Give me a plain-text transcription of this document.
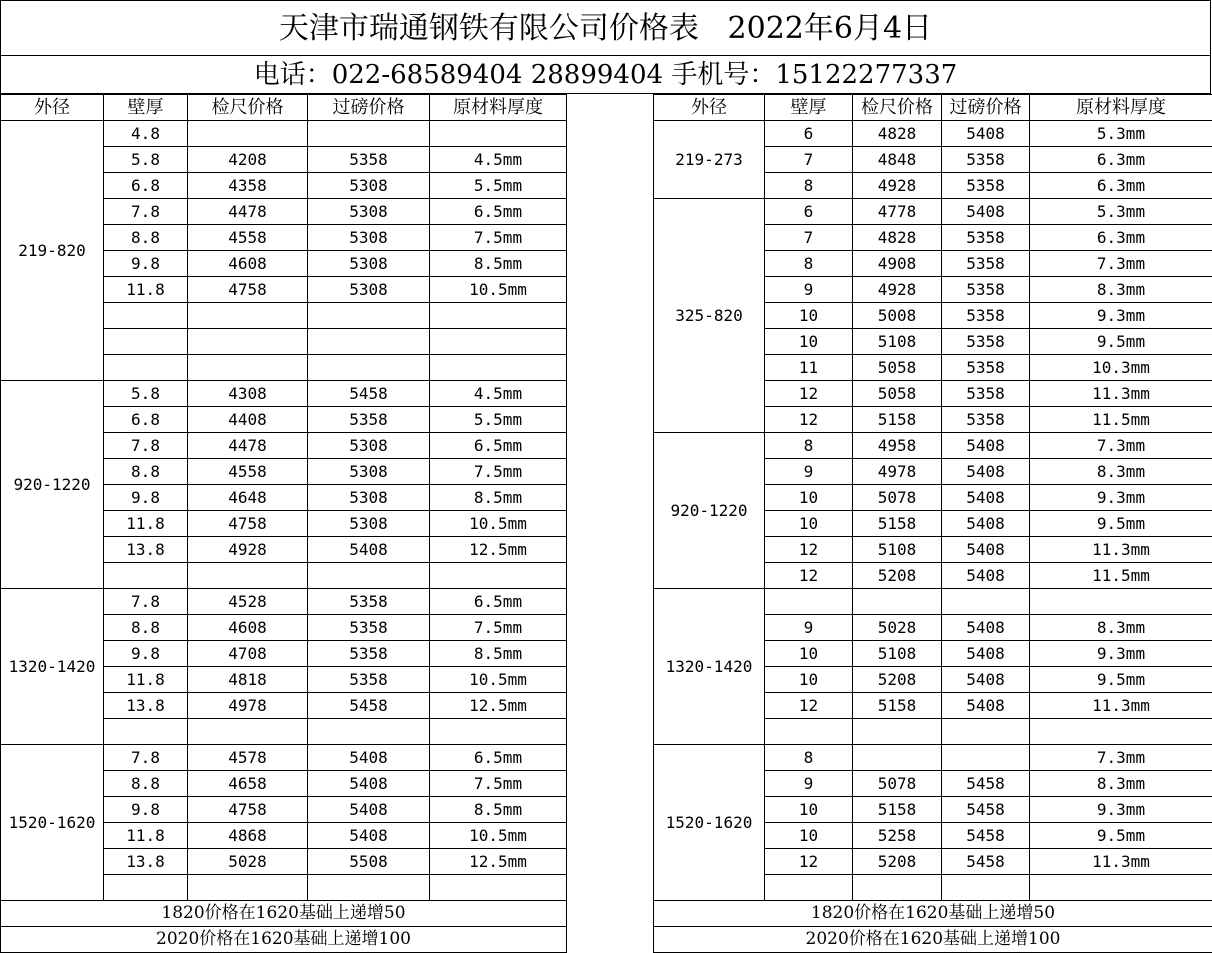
天津市瑞通钢铁有限公司价格表   2022年6月4日
电话：022-68589404 28899404 手机号：15122277337
外径	壁厚	检尺价格	过磅价格	原材料厚度
219-820	4.8			
	5.8	4208	5358	4.5mm
	6.8	4358	5308	5.5mm
	7.8	4478	5308	6.5mm
	8.8	4558	5308	7.5mm
	9.8	4608	5308	8.5mm
	11.8	4758	5308	10.5mm

920-1220	5.8	4308	5458	4.5mm
	6.8	4408	5358	5.5mm
	7.8	4478	5308	6.5mm
	8.8	4558	5308	7.5mm
	9.8	4648	5308	8.5mm
	11.8	4758	5308	10.5mm
	13.8	4928	5408	12.5mm

1320-1420	7.8	4528	5358	6.5mm
	8.8	4608	5358	7.5mm
	9.8	4708	5358	8.5mm
	11.8	4818	5358	10.5mm
	13.8	4978	5458	12.5mm

1520-1620	7.8	4578	5408	6.5mm
	8.8	4658	5408	7.5mm
	9.8	4758	5408	8.5mm
	11.8	4868	5408	10.5mm
	13.8	5028	5508	12.5mm

1820价格在1620基础上递增50				
2020价格在1620基础上递增100				
外径	壁厚	检尺价格	过磅价格	原材料厚度
219-273	6	4828	5408	5.3mm
	7	4848	5358	6.3mm
	8	4928	5358	6.3mm
325-820	6	4778	5408	5.3mm
	7	4828	5358	6.3mm
	8	4908	5358	7.3mm
	9	4928	5358	8.3mm
	10	5008	5358	9.3mm
	10	5108	5358	9.5mm
	11	5058	5358	10.3mm
	12	5058	5358	11.3mm
	12	5158	5358	11.5mm
920-1220	8	4958	5408	7.3mm
	9	4978	5408	8.3mm
	10	5078	5408	9.3mm
	10	5158	5408	9.5mm
	12	5108	5408	11.3mm
	12	5208	5408	11.5mm
1320-1420				
	9	5028	5408	8.3mm
	10	5108	5408	9.3mm
	10	5208	5408	9.5mm
	12	5158	5408	11.3mm

1520-1620	8			7.3mm
	9	5078	5458	8.3mm
	10	5158	5458	9.3mm
	10	5258	5458	9.5mm
	12	5208	5458	11.3mm

1820价格在1620基础上递增50				
2020价格在1620基础上递增100				
